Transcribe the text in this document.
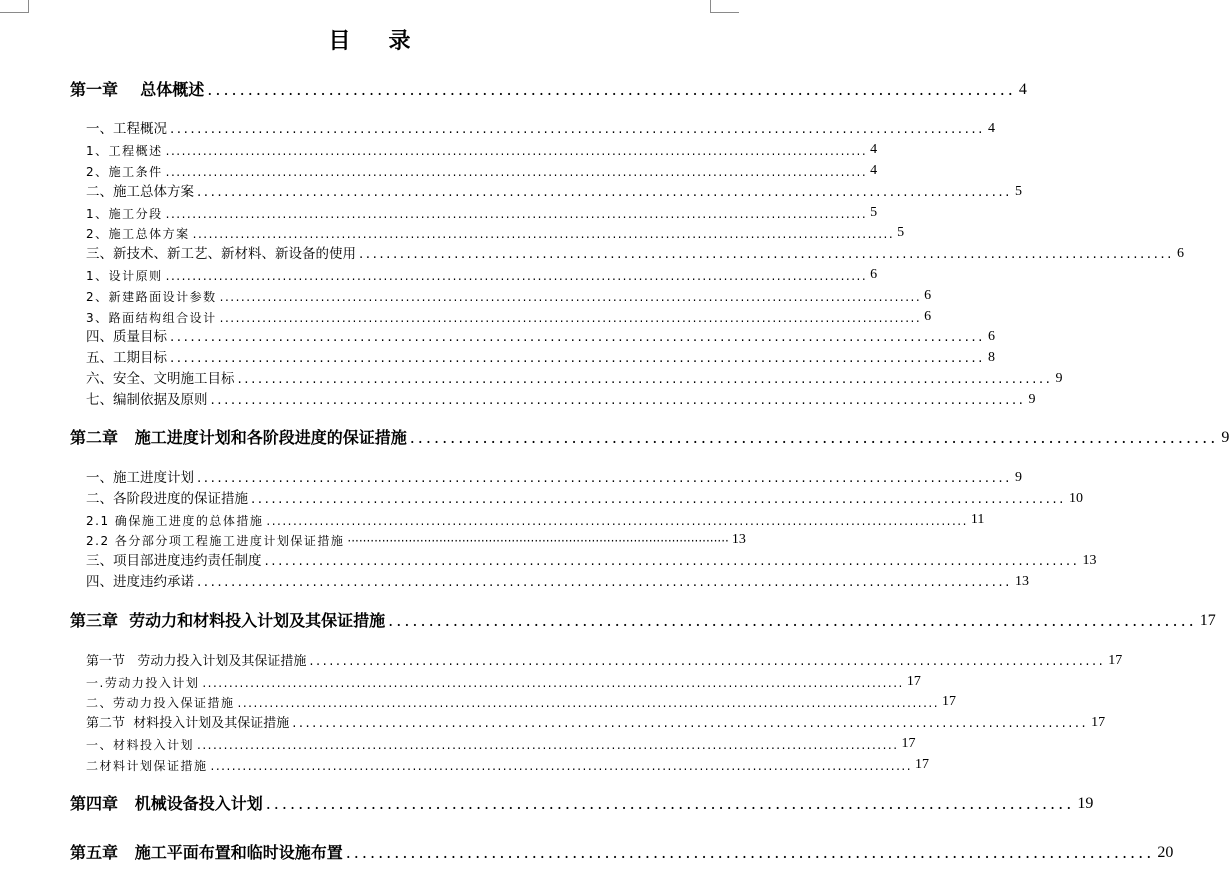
目录
第一章    总体概述 .................................................................................................... 4
一、工程概况 ........................................................................................................................ 4
1、工程概述 .................................................................................................................................... 4
2、施工条件 .................................................................................................................................... 4
二、施工总体方案 ........................................................................................................................ 5
1、施工分段 .................................................................................................................................... 5
2、施工总体方案 .................................................................................................................................... 5
三、新技术、新工艺、新材料、新设备的使用 ........................................................................................................................ 6
1、设计原则 .................................................................................................................................... 6
2、新建路面设计参数 .................................................................................................................................... 6
3、路面结构组合设计 .................................................................................................................................... 6
四、质量目标 ........................................................................................................................ 6
五、工期目标 ........................................................................................................................ 8
六、安全、文明施工目标 ........................................................................................................................ 9
七、编制依据及原则 ........................................................................................................................ 9
第二章   施工进度计划和各阶段进度的保证措施 .................................................................................................... 9
一、施工进度计划 ........................................................................................................................ 9
二、各阶段进度的保证措施 ........................................................................................................................ 10
2.1 确保施工进度的总体措施 .................................................................................................................................... 11
2.2 各分部分项工程施工进度计划保证措施 ···································································································· 13
三、项目部进度违约责任制度 ........................................................................................................................ 13
四、进度违约承诺 ........................................................................................................................ 13
第三章  劳动力和材料投入计划及其保证措施 .................................................................................................... 17
第一节   劳动力投入计划及其保证措施 ........................................................................................................................ 17
一.劳动力投入计划 .................................................................................................................................... 17
二、劳动力投入保证措施 .................................................................................................................................... 17
第二节  材料投入计划及其保证措施 ........................................................................................................................ 17
一、材料投入计划 .................................................................................................................................... 17
二材料计划保证措施 .................................................................................................................................... 17
第四章   机械设备投入计划 .................................................................................................... 19
第五章   施工平面布置和临时设施布置 .................................................................................................... 20
